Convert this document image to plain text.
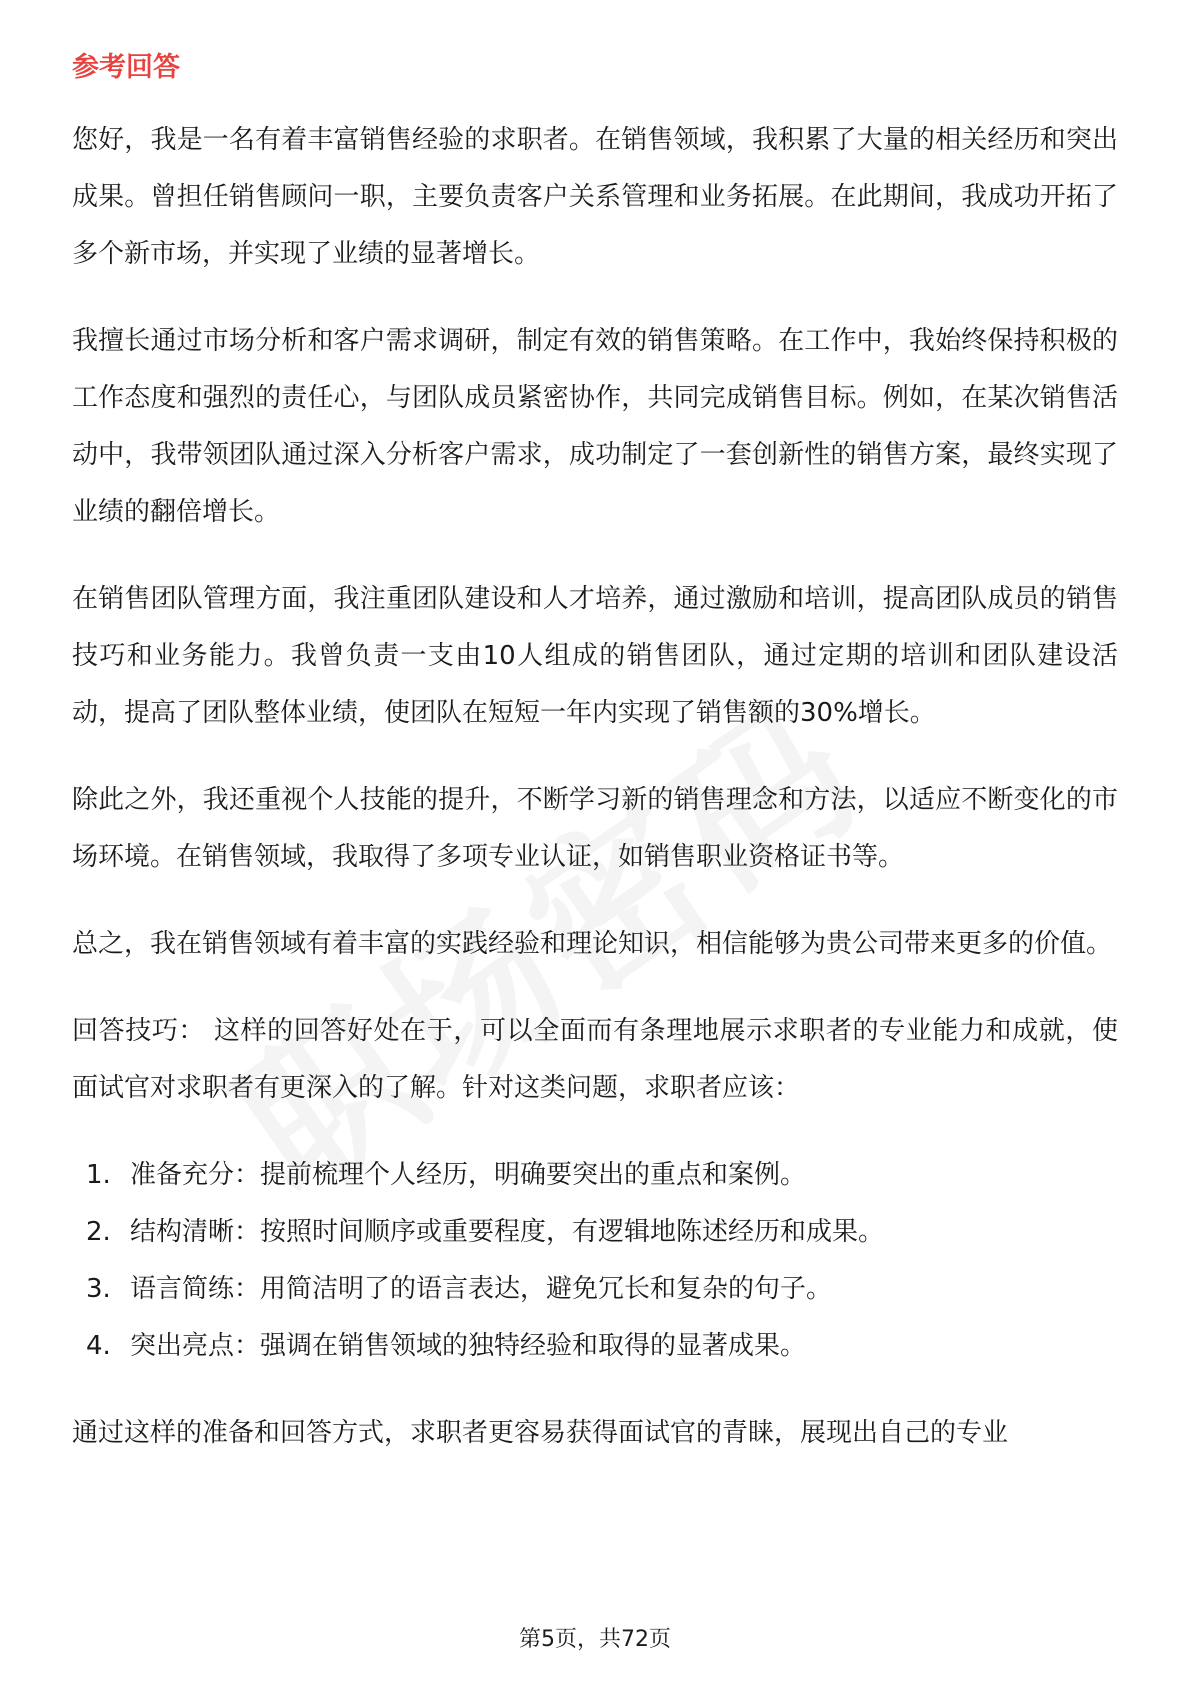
参考回答

您好，我是一名有着丰富销售经验的求职者。在销售领域，我积累了大量的相关经历和突出成果。曾担任销售顾问一职，主要负责客户关系管理和业务拓展。在此期间，我成功开拓了多个新市场，并实现了业绩的显著增长。

我擅长通过市场分析和客户需求调研，制定有效的销售策略。在工作中，我始终保持积极的工作态度和强烈的责任心，与团队成员紧密协作，共同完成销售目标。例如，在某次销售活动中，我带领团队通过深入分析客户需求，成功制定了一套创新性的销售方案，最终实现了业绩的翻倍增长。

在销售团队管理方面，我注重团队建设和人才培养，通过激励和培训，提高团队成员的销售技巧和业务能力。我曾负责一支由10人组成的销售团队，通过定期的培训和团队建设活动，提高了团队整体业绩，使团队在短短一年内实现了销售额的30%增长。

除此之外，我还重视个人技能的提升，不断学习新的销售理念和方法，以适应不断变化的市场环境。在销售领域，我取得了多项专业认证，如销售职业资格证书等。

总之，我在销售领域有着丰富的实践经验和理论知识，相信能够为贵公司带来更多的价值。

回答技巧： 这样的回答好处在于，可以全面而有条理地展示求职者的专业能力和成就，使面试官对求职者有更深入的了解。针对这类问题，求职者应该：

1. 准备充分：提前梳理个人经历，明确要突出的重点和案例。
2. 结构清晰：按照时间顺序或重要程度，有逻辑地陈述经历和成果。
3. 语言简练：用简洁明了的语言表达，避免冗长和复杂的句子。
4. 突出亮点：强调在销售领域的独特经验和取得的显著成果。

通过这样的准备和回答方式，求职者更容易获得面试官的青睐，展现出自己的专业

第5页，共72页
